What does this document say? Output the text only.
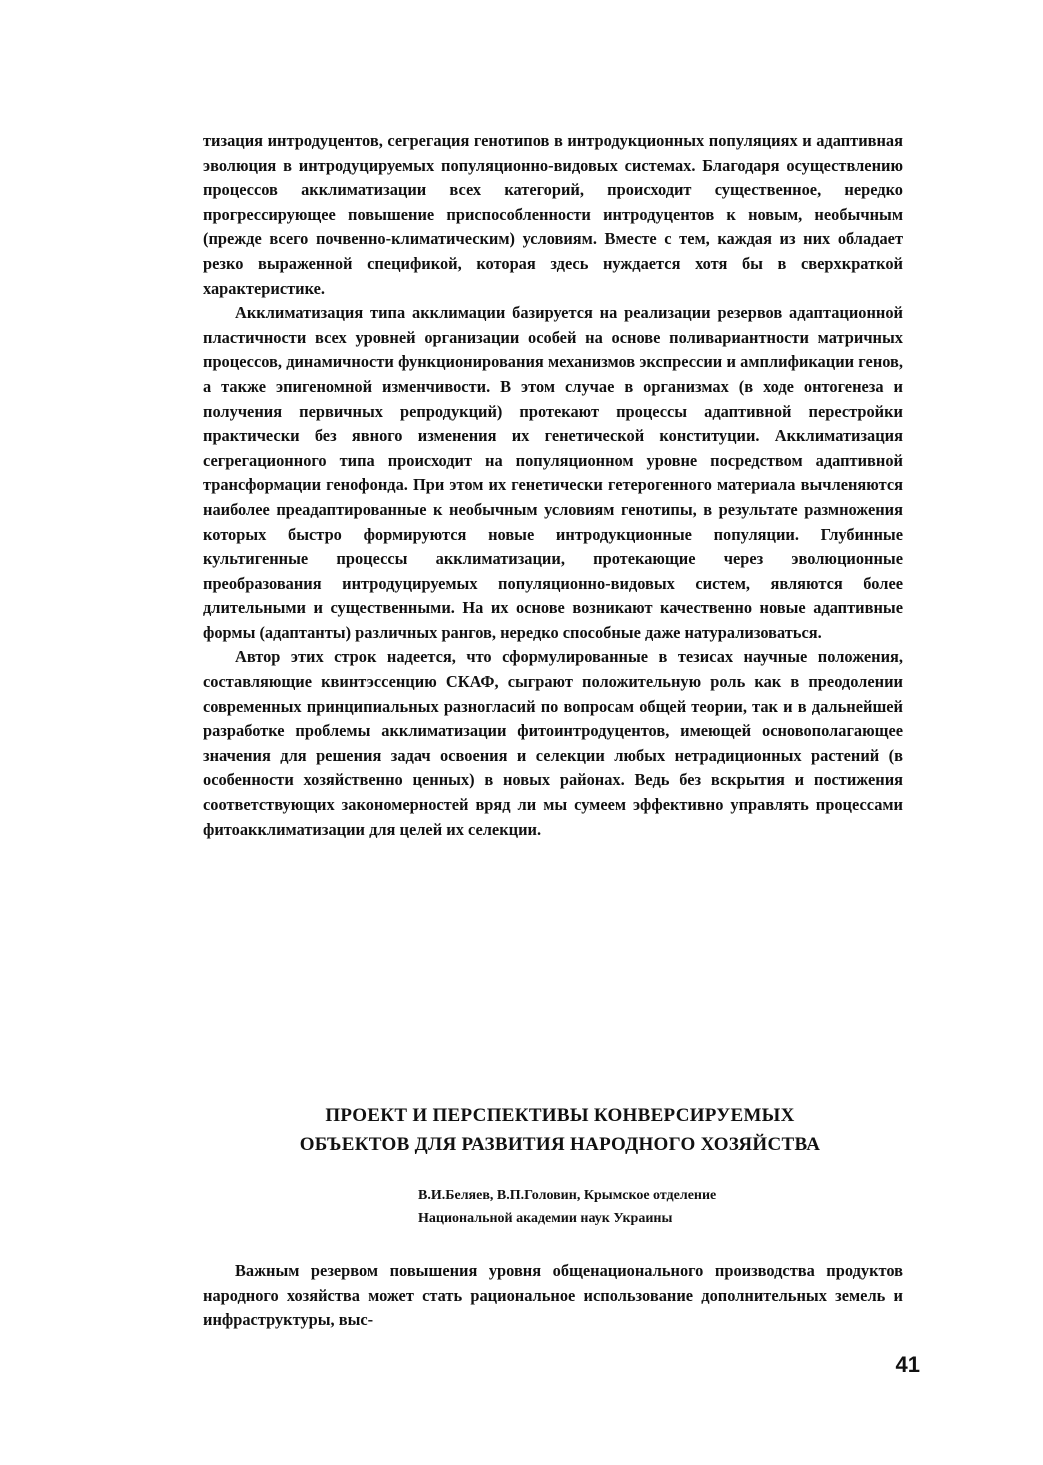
тизация интродуцентов, сегрегация генотипов в интродукционных популяциях и адаптивная эволюция в интродуцируемых популяционно-видовых системах. Благодаря осуществлению процессов акклиматизации всех категорий, происходит существенное, нередко прогрессирующее повышение приспособленности интродуцентов к новым, необычным (прежде всего почвенно-климатическим) условиям. Вместе с тем, каждая из них обладает резко выраженной спецификой, которая здесь нуждается хотя бы в сверхкраткой характеристике.

Акклиматизация типа акклимации базируется на реализации резервов адаптационной пластичности всех уровней организации особей на основе поливариантности матричных процессов, динамичности функционирования механизмов экспрессии и амплификации генов, а также эпигеномной изменчивости. В этом случае в организмах (в ходе онтогенеза и получения первичных репродукций) протекают процессы адаптивной перестройки практически без явного изменения их генетической конституции. Акклиматизация сегрегационного типа происходит на популяционном уровне посредством адаптивной трансформации генофонда. При этом их генетически гетерогенного материала вычленяются наиболее преадаптированные к необычным условиям генотипы, в результате размножения которых быстро формируются новые интродукционные популяции. Глубинные культигенные процессы акклиматизации, протекающие через эволюционные преобразования интродуцируемых популяционно-видовых систем, являются более длительными и существенными. На их основе возникают качественно новые адаптивные формы (адаптанты) различных рангов, нередко способные даже натурализоваться.

Автор этих строк надеется, что сформулированные в тезисах научные положения, составляющие квинтэссенцию СКАФ, сыграют положительную роль как в преодолении современных принципиальных разногласий по вопросам общей теории, так и в дальнейшей разработке проблемы акклиматизации фитоинтродуцентов, имеющей основополагающее значения для решения задач освоения и селекции любых нетрадиционных растений (в особенности хозяйственно ценных) в новых районах. Ведь без вскрытия и постижения соответствующих закономерностей вряд ли мы сумеем эффективно управлять процессами фитоакклиматизации для целей их селекции.

ПРОЕКТ И ПЕРСПЕКТИВЫ КОНВЕРСИРУЕМЫХ
ОБЪЕКТОВ ДЛЯ РАЗВИТИЯ НАРОДНОГО ХОЗЯЙСТВА
В.И.Беляев, В.П.Головин, Крымское отделение
Национальной академии наук Украины

Важным резервом повышения уровня общенационального производства продуктов народного хозяйства может стать рациональное использование дополнительных земель и инфраструктуры, выс-

41
